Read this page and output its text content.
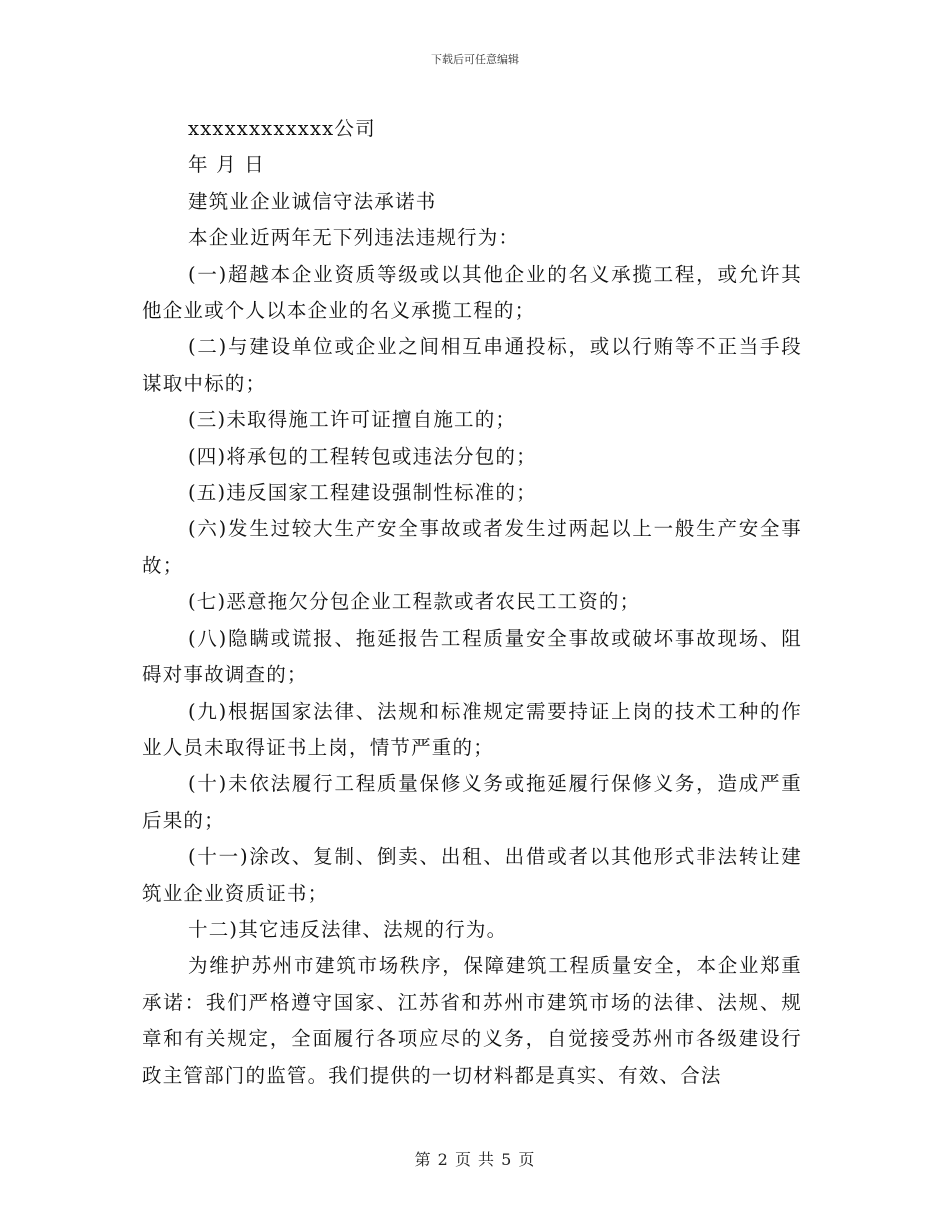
下载后可任意编辑

xxxxxxxxxxxx公司

年 月 日

建筑业企业诚信守法承诺书

本企业近两年无下列违法违规行为：

(一)超越本企业资质等级或以其他企业的名义承揽工程，或允许其他企业或个人以本企业的名义承揽工程的；

(二)与建设单位或企业之间相互串通投标，或以行贿等不正当手段谋取中标的；

(三)未取得施工许可证擅自施工的；

(四)将承包的工程转包或违法分包的；

(五)违反国家工程建设强制性标准的；

(六)发生过较大生产安全事故或者发生过两起以上一般生产安全事故；

(七)恶意拖欠分包企业工程款或者农民工工资的；

(八)隐瞒或谎报、拖延报告工程质量安全事故或破坏事故现场、阻碍对事故调查的；

(九)根据国家法律、法规和标准规定需要持证上岗的技术工种的作业人员未取得证书上岗，情节严重的；

(十)未依法履行工程质量保修义务或拖延履行保修义务，造成严重后果的；

(十一)涂改、复制、倒卖、出租、出借或者以其他形式非法转让建筑业企业资质证书；

十二)其它违反法律、法规的行为。

为维护苏州市建筑市场秩序，保障建筑工程质量安全，本企业郑重承诺：我们严格遵守国家、江苏省和苏州市建筑市场的法律、法规、规章和有关规定，全面履行各项应尽的义务，自觉接受苏州市各级建设行政主管部门的监管。我们提供的一切材料都是真实、有效、合法

第 2 页 共 5 页
